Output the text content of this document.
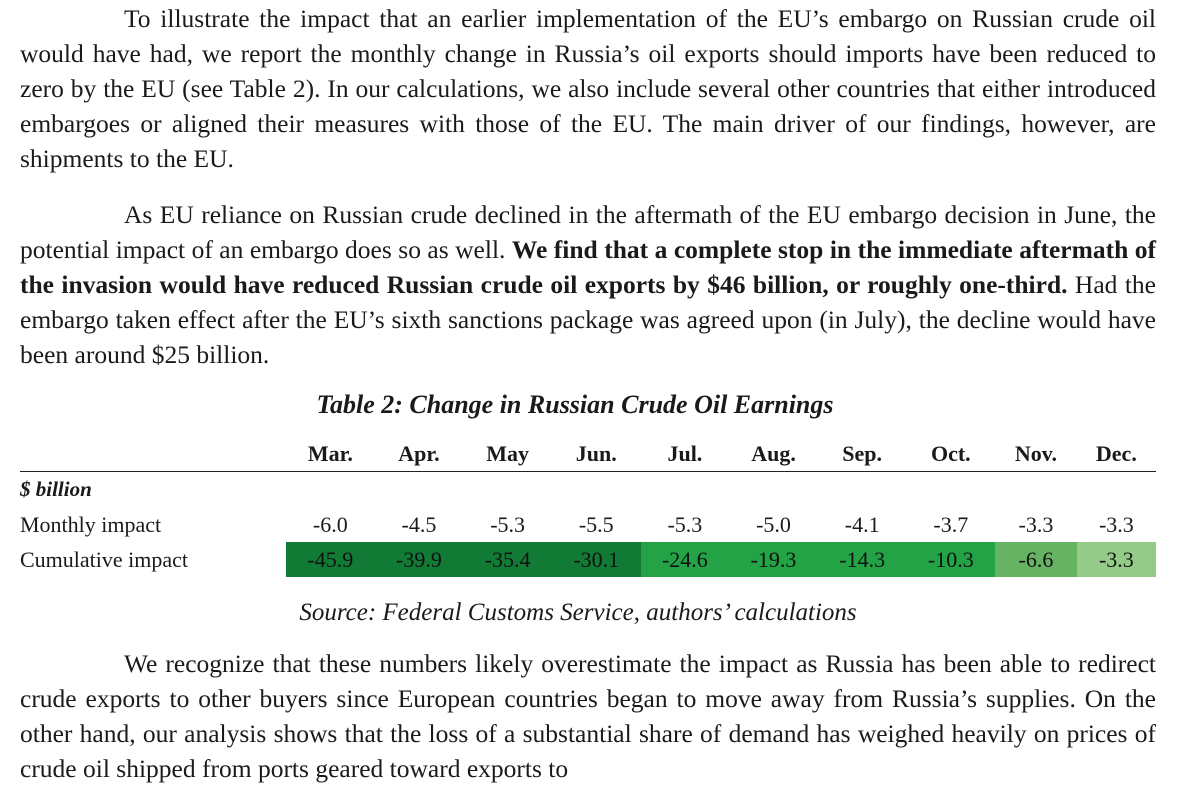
To illustrate the impact that an earlier implementation of the EU’s embargo on Russian crude oil would have had, we report the monthly change in Russia’s oil exports should imports have been reduced to zero by the EU (see Table 2). In our calculations, we also include several other countries that either introduced embargoes or aligned their measures with those of the EU. The main driver of our findings, however, are shipments to the EU.

As EU reliance on Russian crude declined in the aftermath of the EU embargo decision in June, the potential impact of an embargo does so as well. We find that a complete stop in the immediate aftermath of the invasion would have reduced Russian crude oil exports by $46 billion, or roughly one-third. Had the embargo taken effect after the EU’s sixth sanctions package was agreed upon (in July), the decline would have been around $25 billion.

Table 2: Change in Russian Crude Oil Earnings
	Mar.	Apr.	May	Jun.	Jul.	Aug.	Sep.	Oct.	Nov.	Dec.
$ billion										
Monthly impact	-6.0	-4.5	-5.3	-5.5	-5.3	-5.0	-4.1	-3.7	-3.3	-3.3
Cumulative impact	-45.9	-39.9	-35.4	-30.1	-24.6	-19.3	-14.3	-10.3	-6.6	-3.3
Source: Federal Customs Service, authors’ calculations

We recognize that these numbers likely overestimate the impact as Russia has been able to redirect crude exports to other buyers since European countries began to move away from Russia’s supplies. On the other hand, our analysis shows that the loss of a substantial share of demand has weighed heavily on prices of crude oil shipped from ports geared toward exports to
